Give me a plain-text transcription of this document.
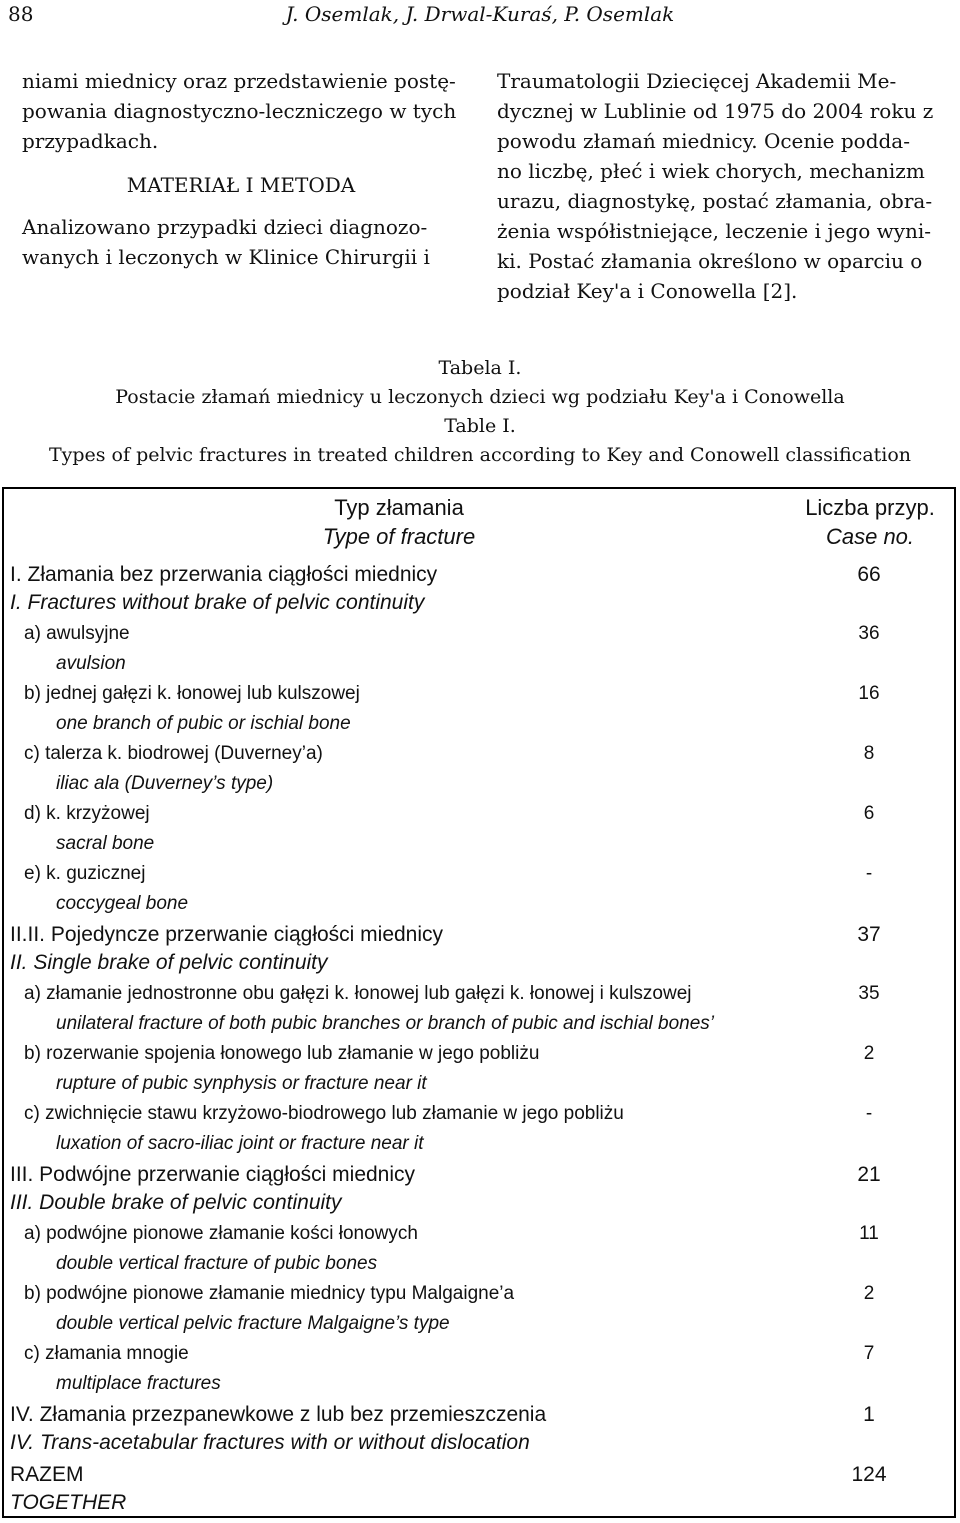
88	J. Osemlak, J. Drwal-Kuraś, P. Osemlak

niami miednicy oraz przedstawienie postę-

powania diagnostyczno-leczniczego w tych

przypadkach.

MATERIAŁ I METODA

Analizowano przypadki dzieci diagnozo-

wanych i leczonych w Klinice Chirurgii i

Traumatologii Dziecięcej Akademii Me-

dycznej w Lublinie od 1975 do 2004 roku z

powodu złamań miednicy. Ocenie podda-

no liczbę, płeć i wiek chorych, mechanizm

urazu, diagnostykę, postać złamania, obra-

żenia współistniejące, leczenie i jego wyni-

ki. Postać złamania określono w oparciu o

podział Key'a i Conowella [2].

Tabela I.
Postacie złamań miednicy u leczonych dzieci wg podziału Key'a i Conowella
Table I.
Types of pelvic fractures in treated children according to Key and Conowell classification
Typ złamania	Liczba przyp.
Type of fracture	Case no.
I. Złamania bez przerwania ciągłości miednicy	66
I. Fractures without brake of pelvic continuity
a) awulsyjne	36
avulsion
b) jednej gałęzi k. łonowej lub kulszowej	16
one branch of pubic or ischial bone
c) talerza k. biodrowej (Duverney’a)	8
iliac ala (Duverney’s type)
d) k. krzyżowej	6
sacral bone
e) k. guzicznej	-
coccygeal bone
II.II. Pojedyncze przerwanie ciągłości miednicy	37
II. Single brake of pelvic continuity
a) złamanie jednostronne obu gałęzi k. łonowej lub gałęzi k. łonowej i kulszowej	35
unilateral fracture of both pubic branches or branch of pubic and ischial bones’
b) rozerwanie spojenia łonowego lub złamanie w jego pobliżu	2
rupture of pubic synphysis or fracture near it
c) zwichnięcie stawu krzyżowo-biodrowego lub złamanie w jego pobliżu	-
luxation of sacro-iliac joint or fracture near it
III. Podwójne przerwanie ciągłości miednicy	21
III. Double brake of pelvic continuity
a) podwójne pionowe złamanie kości łonowych	11
double vertical fracture of pubic bones
b) podwójne pionowe złamanie miednicy typu Malgaigne’a	2
double vertical pelvic fracture Malgaigne’s type
c) złamania mnogie	7
multiplace fractures
IV. Złamania przezpanewkowe z lub bez przemieszczenia	1
IV. Trans-acetabular fractures with or without dislocation
RAZEM	124
TOGETHER
